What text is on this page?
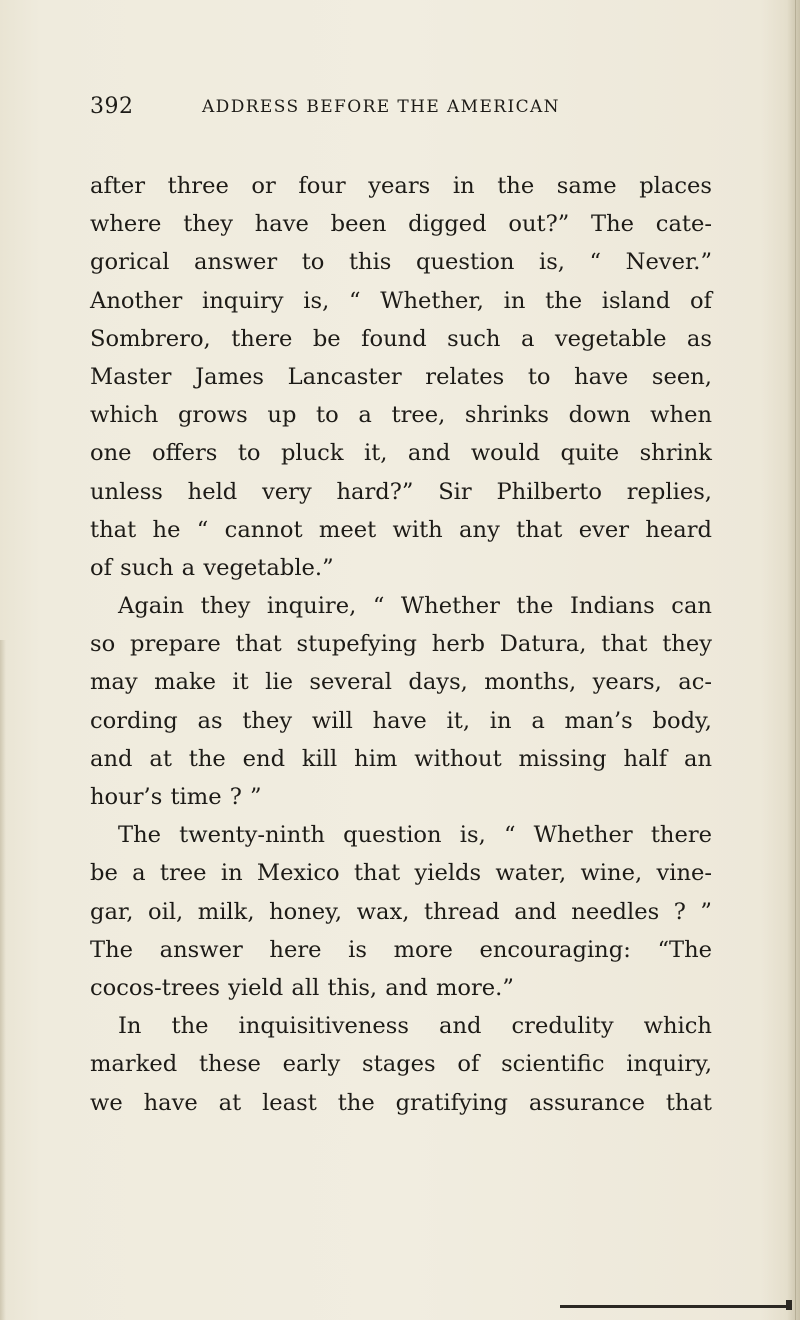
392	ADDRESS BEFORE THE AMERICAN
after three or four years in the same places
where they have been digged out?” The cate-
gorical answer to this question is, “ Never.”
Another inquiry is, “ Whether, in the island of
Sombrero, there be found such a vegetable as
Master James Lancaster relates to have seen,
which grows up to a tree, shrinks down when
one offers to pluck it, and would quite shrink
unless held very hard?” Sir Philberto replies,
that he “ cannot meet with any that ever heard
of such a vegetable.”
Again they inquire, “ Whether the Indians can
so prepare that stupefying herb Datura, that they
may make it lie several days, months, years, ac-
cording as they will have it, in a man’s body,
and at the end kill him without missing half an
hour’s time ? ”
The twenty-ninth question is, “ Whether there
be a tree in Mexico that yields water, wine, vine-
gar, oil, milk, honey, wax, thread and needles ? ”
The answer here is more encouraging: “The
cocos-trees yield all this, and more.”
In the inquisitiveness and credulity which
marked these early stages of scientific inquiry,
we have at least the gratifying assurance that
